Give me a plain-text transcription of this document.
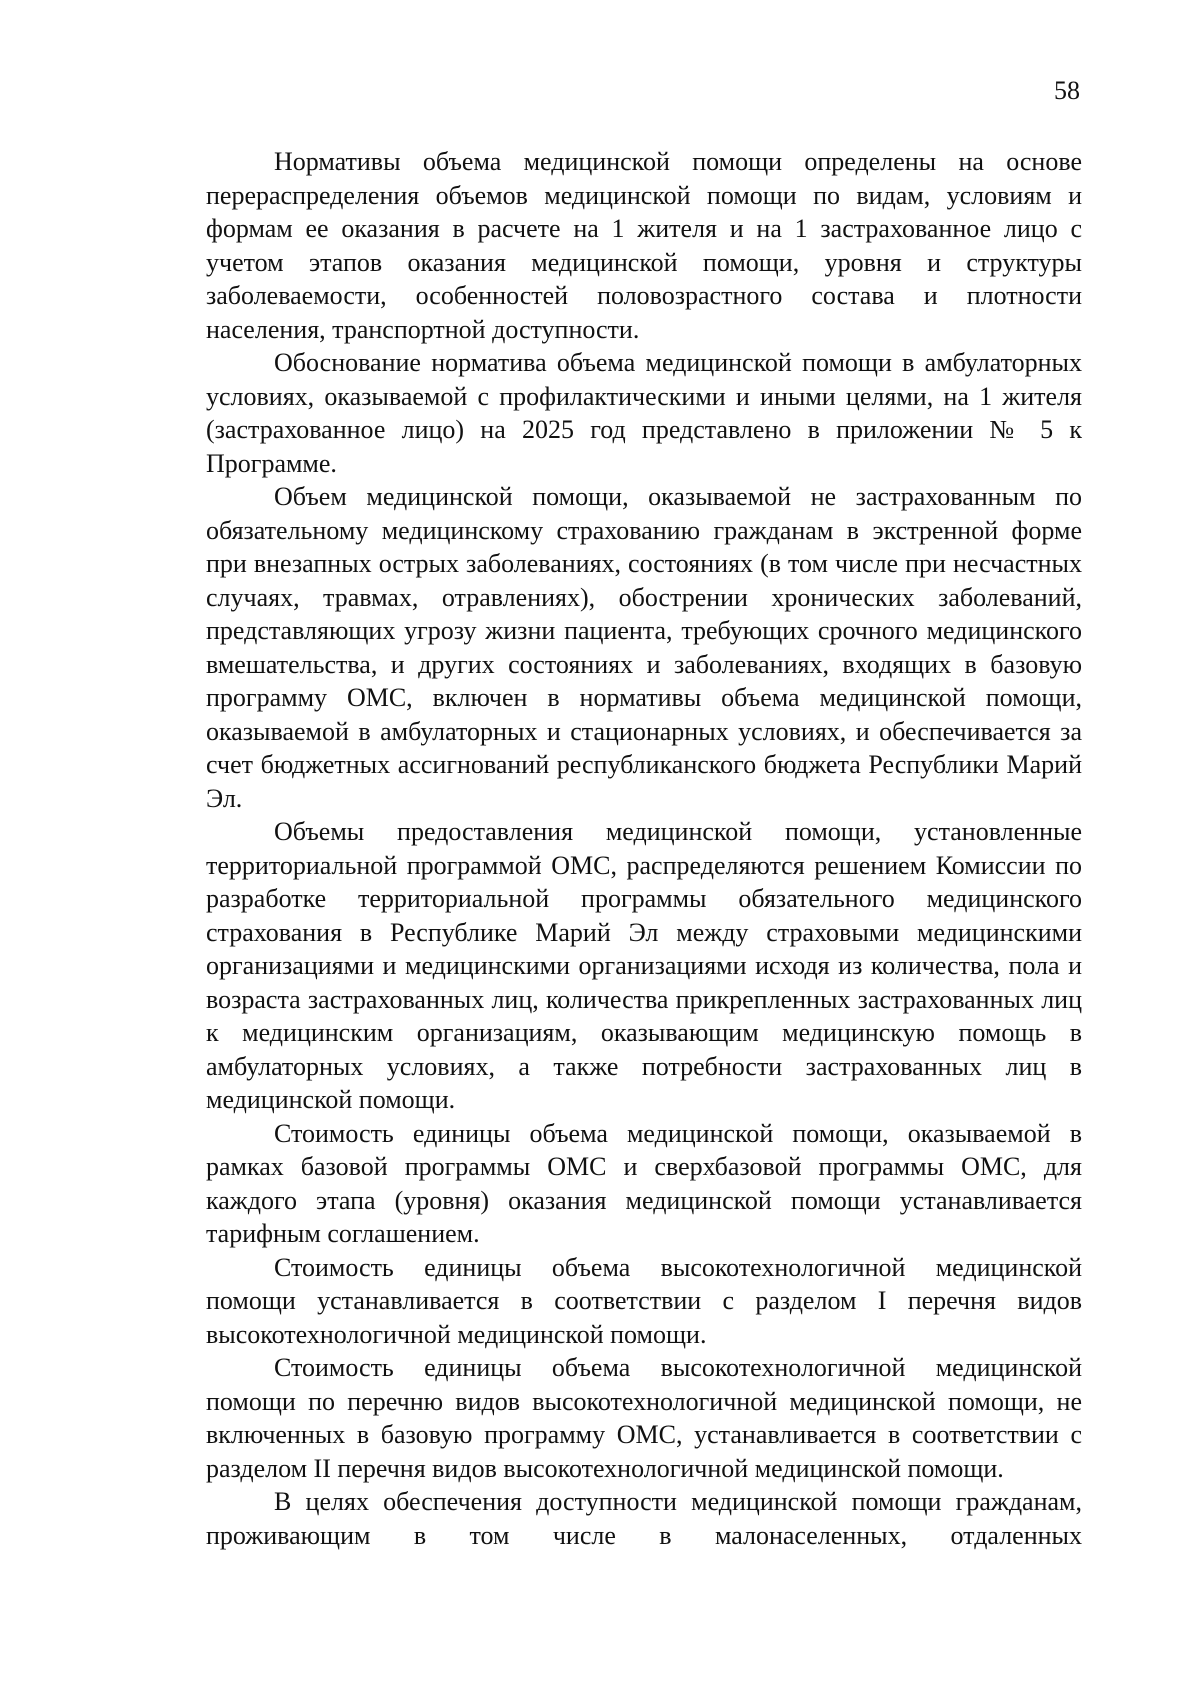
58

Нормативы объема медицинской помощи определены на основе перераспределения объемов медицинской помощи по видам, условиям и формам ее оказания в расчете на 1 жителя и на 1 застрахованное лицо с учетом этапов оказания медицинской помощи, уровня и структуры заболеваемости, особенностей половозрастного состава и плотности населения, транспортной доступности.

Обоснование норматива объема медицинской помощи в амбулаторных условиях, оказываемой с профилактическими и иными целями, на 1 жителя (застрахованное лицо) на 2025 год представлено в приложении № 5 к Программе.

Объем медицинской помощи, оказываемой не застрахованным по обязательному медицинскому страхованию гражданам в экстренной форме при внезапных острых заболеваниях, состояниях (в том числе при несчастных случаях, травмах, отравлениях), обострении хронических заболеваний, представляющих угрозу жизни пациента, требующих срочного медицинского вмешательства, и других состояниях и заболеваниях, входящих в базовую программу ОМС, включен в нормативы объема медицинской помощи, оказываемой в амбулаторных и стационарных условиях, и обеспечивается за счет бюджетных ассигнований республиканского бюджета Республики Марий Эл.

Объемы предоставления медицинской помощи, установленные территориальной программой ОМС, распределяются решением Комиссии по разработке территориальной программы обязательного медицинского страхования в Республике Марий Эл между страховыми медицинскими организациями и медицинскими организациями исходя из количества, пола и возраста застрахованных лиц, количества прикрепленных застрахованных лиц к медицинским организациям, оказывающим медицинскую помощь в амбулаторных условиях, а также потребности застрахованных лиц в медицинской помощи.

Стоимость единицы объема медицинской помощи, оказываемой в рамках базовой программы ОМС и сверхбазовой программы ОМС, для каждого этапа (уровня) оказания медицинской помощи устанавливается тарифным соглашением.

Стоимость единицы объема высокотехнологичной медицинской помощи устанавливается в соответствии с разделом I перечня видов высокотехнологичной медицинской помощи.

Стоимость единицы объема высокотехнологичной медицинской помощи по перечню видов высокотехнологичной медицинской помощи, не включенных в базовую программу ОМС, устанавливается в соответствии с разделом II перечня видов высокотехнологичной медицинской помощи.

В целях обеспечения доступности медицинской помощи гражданам, проживающим в том числе в малонаселенных, отдаленных
